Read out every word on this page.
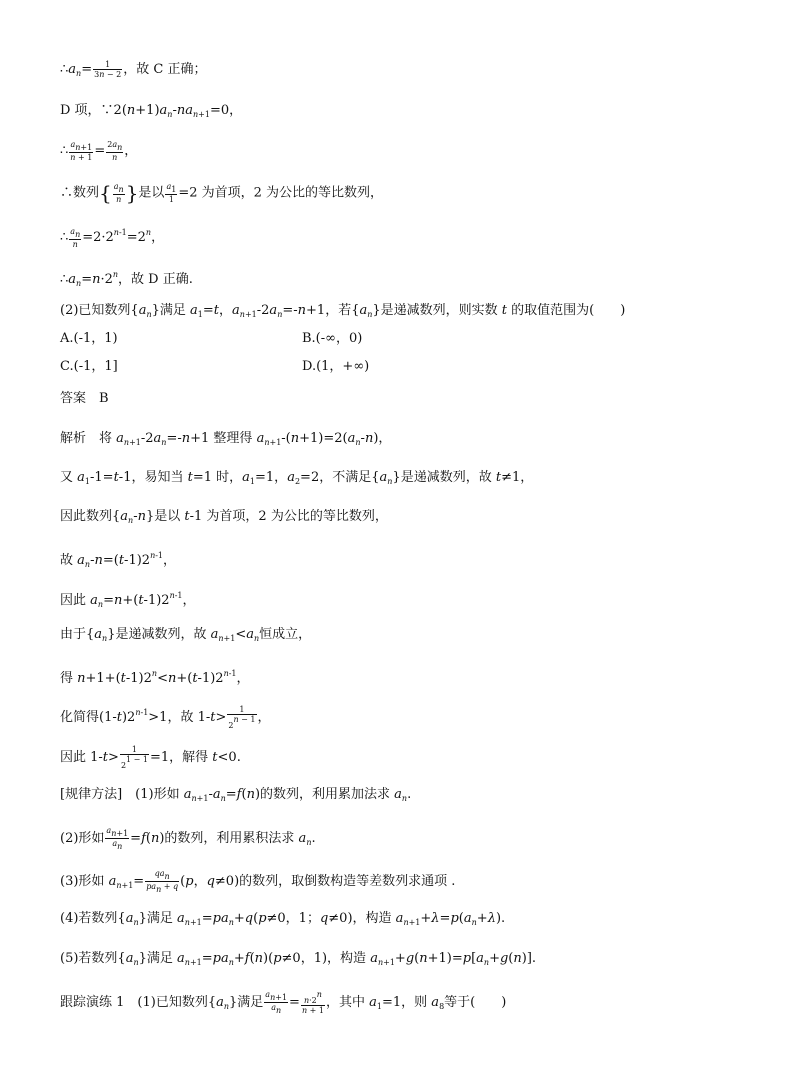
$\therefore a_n= \frac{1}{3n - 2}$ ，故 C 正确；
D 项，$\because 2(n+1)a_n-na_{n+1}=0$，
∴ $\frac{a_{n+1}}{n + 1} = \frac{2a_n}{n}$ ，
∴数列{ $\frac{a_n}{n}$ }是以 $\frac{a_1}{1} =2$ 为首项，2 为公比的等比数列，
∴ $\frac{a_n}{n} =2\cdot 2^{n-1}=2^n$，
$\therefore a_n=n\cdot 2^n$，故 D 正确.
(2)已知数列$\{a_n\}$满足 $a_1=t$，$a_{n+1}-2a_n=-n+1$，若$\{a_n\}$是递减数列，则实数 t 的取值范围为(　　)
A.(-1，1)	B.(-∞，0)
C.(-1，1]	D.(1，+∞)
答案　B
解析　将 $a_{n+1}-2a_n=-n+1$ 整理得 $a_{n+1}-(n+1)=2(a_n-n)$，
又 $a_1-1=t-1$，易知当 t=1 时，$a_1=1$，$a_2=2$，不满足$\{a_n\}$是递减数列，故 t≠1，
因此数列$\{a_n-n\}$是以 t-1 为首项，2 为公比的等比数列，
故 $a_n-n=(t-1)2^{n-1}$，
因此 $a_n=n+(t-1)2^{n-1}$，
由于$\{a_n\}$是递减数列，故 $a_{n+1}<a_n$恒成立，
得 $n+1+(t-1)2^n<n+(t-1)2^{n-1}$，
化简得$(1-t)2^{n-1}>1$，故 $1-t> \frac{1}{2^{n - 1}}$ ，
因此 $1-t> \frac{1}{2^{1 - 1}} =1$，解得 t<0.
[规律方法]　(1)形如 $a_{n+1}-a_n=f(n)$的数列，利用累加法求 $a_n$.
(2)形如 $\frac{a_{n+1}}{a_n} =f(n)$的数列，利用累积法求 $a_n$.
(3)形如 $a_{n+1}= \frac{qa_n}{pa_n + q} (p$，q≠0)的数列，取倒数构造等差数列求通项 .
(4)若数列$\{a_n\}$满足 $a_{n+1}=pa_n+q(p\ne 0$，1；q≠0)，构造 $a_{n+1}+\lambda=p(a_n+\lambda)$.
(5)若数列$\{a_n\}$满足 $a_{n+1}=pa_n+f(n)(p\ne 0$，1)，构造 $a_{n+1}+g(n+1)=p[a_n+g(n)]$.
跟踪演练 1　(1)已知数列$\{a_n\}$满足 $\frac{a_{n+1}}{a_n} = \frac{n\cdot 2^n}{n + 1}$ ，其中 $a_1=1$，则 $a_8$等于(　　)
